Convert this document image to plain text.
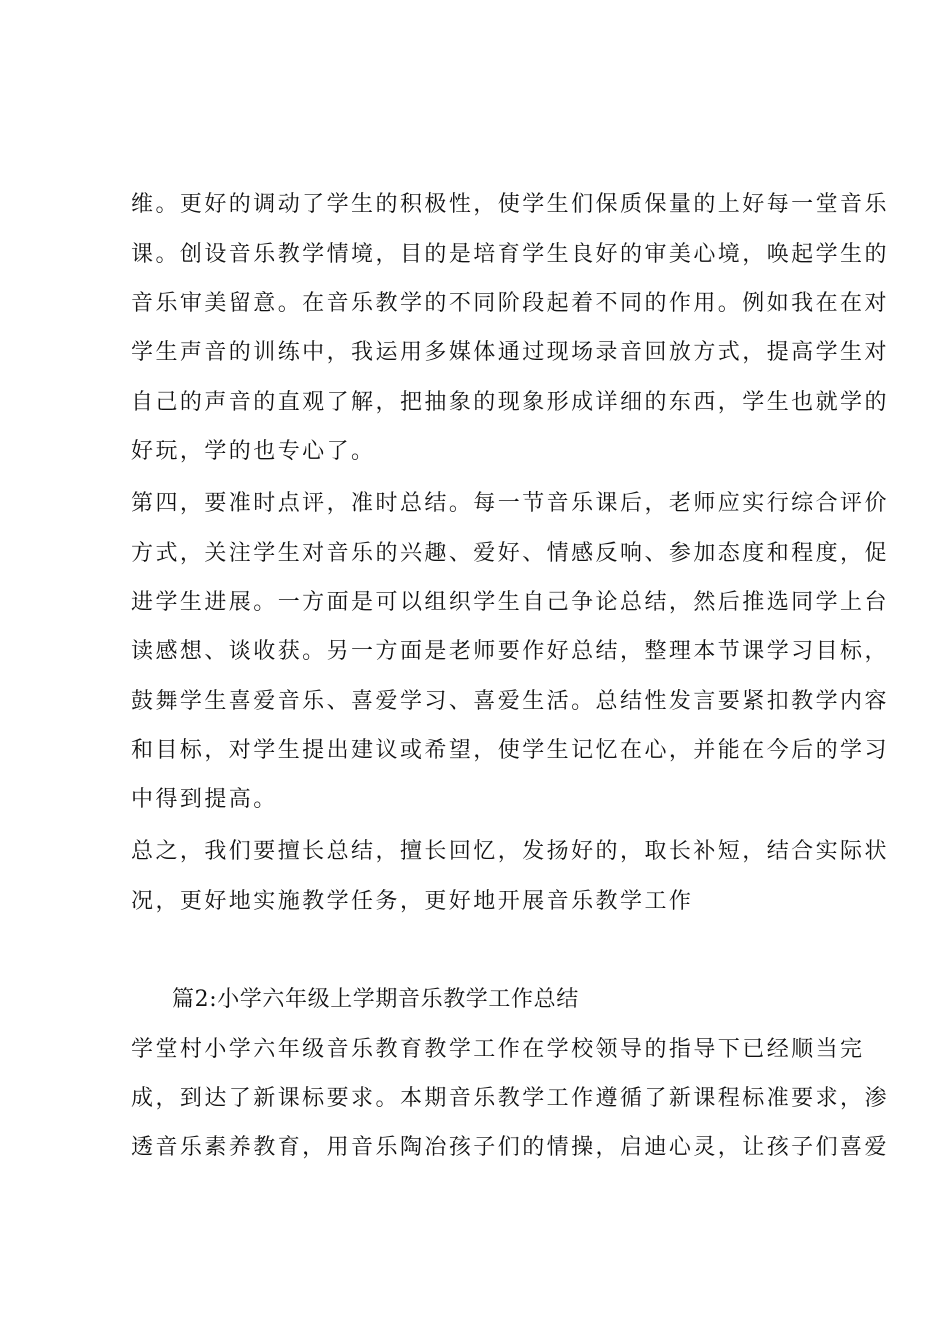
维。更好的调动了学生的积极性，使学生们保质保量的上好每一堂音乐
课。创设音乐教学情境，目的是培育学生良好的审美心境，唤起学生的
音乐审美留意。在音乐教学的不同阶段起着不同的作用。例如我在在对
学生声音的训练中，我运用多媒体通过现场录音回放方式，提高学生对
自己的声音的直观了解，把抽象的现象形成详细的东西，学生也就学的
好玩，学的也专心了。
第四，要准时点评，准时总结。每一节音乐课后，老师应实行综合评价
方式，关注学生对音乐的兴趣、爱好、情感反响、参加态度和程度，促
进学生进展。一方面是可以组织学生自己争论总结，然后推选同学上台
读感想、谈收获。另一方面是老师要作好总结，整理本节课学习目标，
鼓舞学生喜爱音乐、喜爱学习、喜爱生活。总结性发言要紧扣教学内容
和目标，对学生提出建议或希望，使学生记忆在心，并能在今后的学习
中得到提高。
总之，我们要擅长总结，擅长回忆，发扬好的，取长补短，结合实际状
况，更好地实施教学任务，更好地开展音乐教学工作
篇2:小学六年级上学期音乐教学工作总结
学堂村小学六年级音乐教育教学工作在学校领导的指导下已经顺当完
成，到达了新课标要求。本期音乐教学工作遵循了新课程标准要求，渗
透音乐素养教育，用音乐陶冶孩子们的情操，启迪心灵，让孩子们喜爱
